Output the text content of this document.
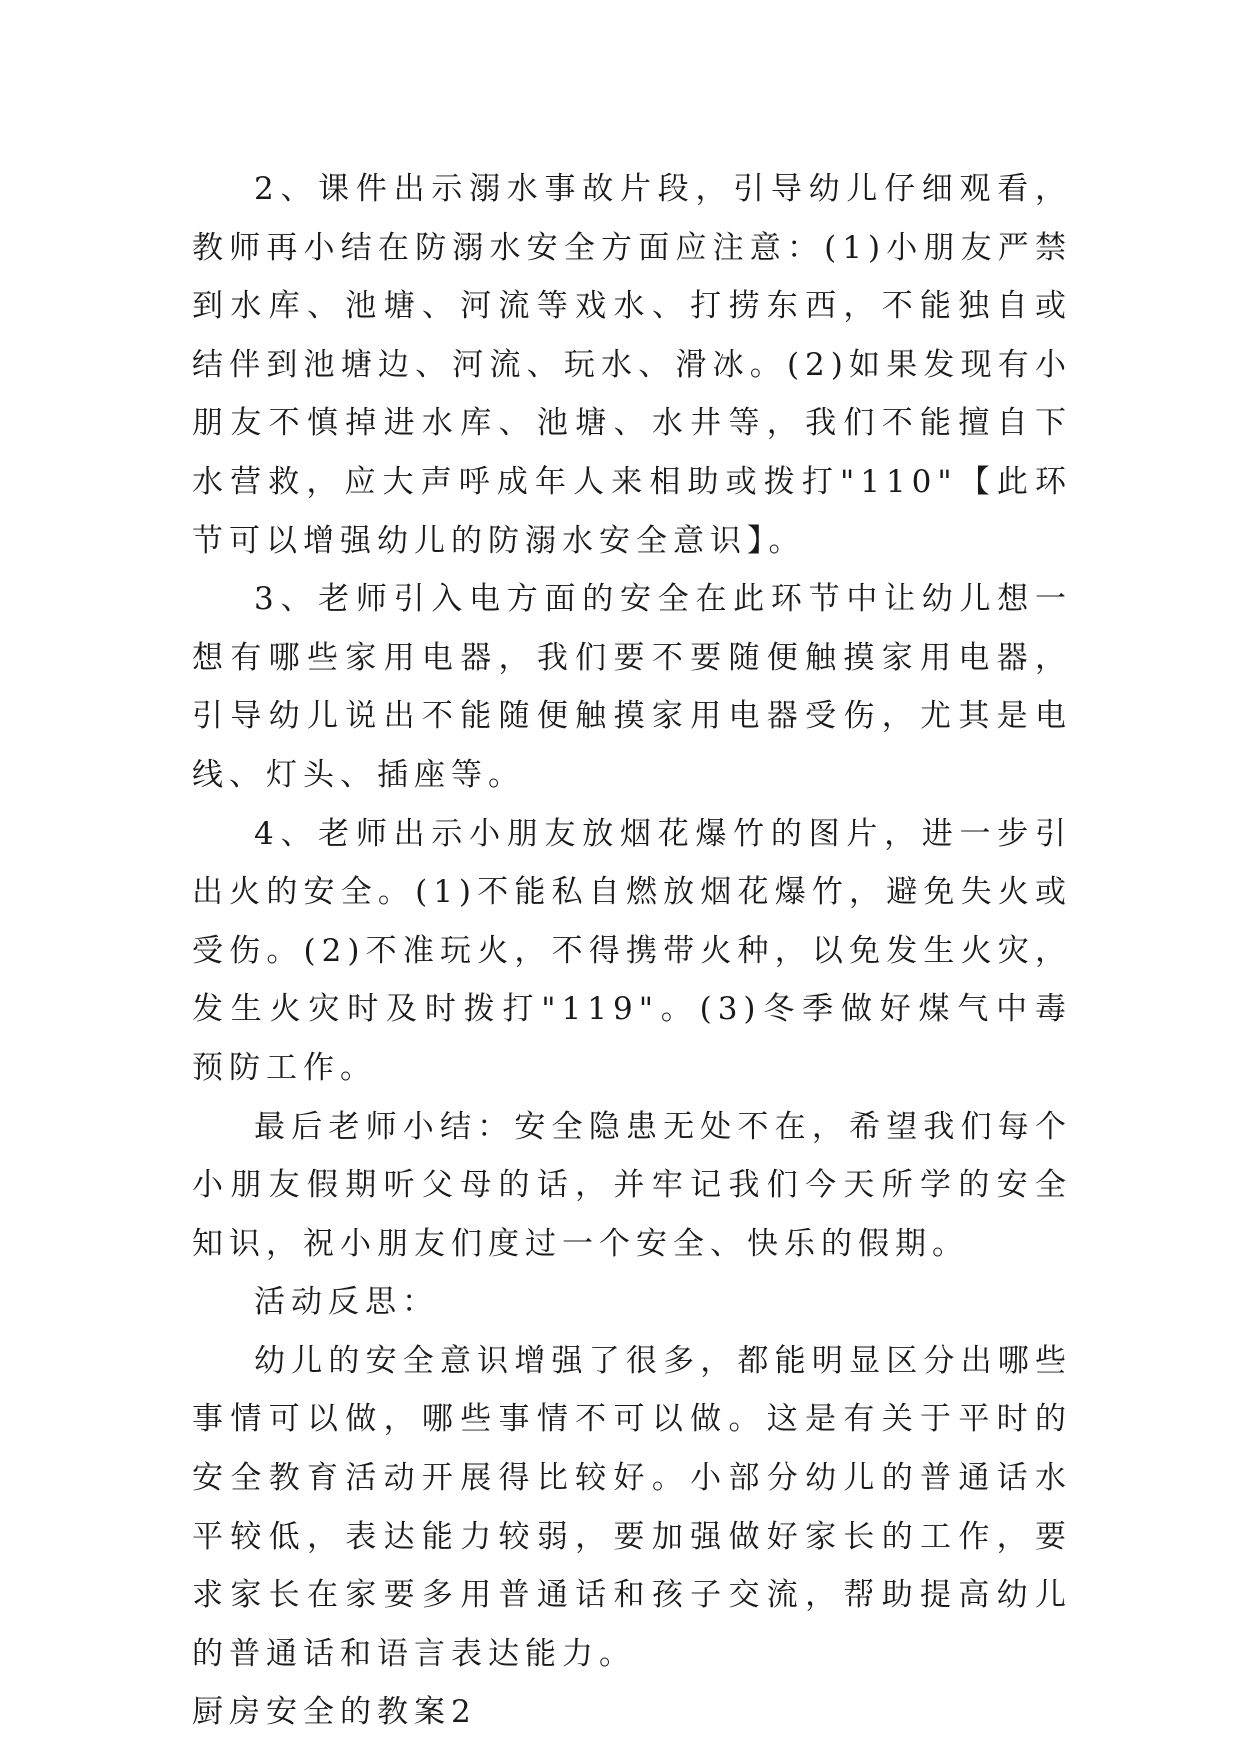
2、课件出示溺水事故片段，引导幼儿仔细观看，教师再小结在防溺水安全方面应注意：(1)小朋友严禁到水库、池塘、河流等戏水、打捞东西，不能独自或结伴到池塘边、河流、玩水、滑冰。(2)如果发现有小朋友不慎掉进水库、池塘、水井等，我们不能擅自下水营救，应大声呼成年人来相助或拨打"110"【此环节可以增强幼儿的防溺水安全意识】。

3、老师引入电方面的安全在此环节中让幼儿想一想有哪些家用电器，我们要不要随便触摸家用电器，引导幼儿说出不能随便触摸家用电器受伤，尤其是电线、灯头、插座等。

4、老师出示小朋友放烟花爆竹的图片，进一步引出火的安全。(1)不能私自燃放烟花爆竹，避免失火或受伤。(2)不准玩火，不得携带火种，以免发生火灾，发生火灾时及时拨打"119"。(3)冬季做好煤气中毒预防工作。

最后老师小结：安全隐患无处不在，希望我们每个小朋友假期听父母的话，并牢记我们今天所学的安全知识，祝小朋友们度过一个安全、快乐的假期。

活动反思：

幼儿的安全意识增强了很多，都能明显区分出哪些事情可以做，哪些事情不可以做。这是有关于平时的安全教育活动开展得比较好。小部分幼儿的普通话水平较低，表达能力较弱，要加强做好家长的工作，要求家长在家要多用普通话和孩子交流，帮助提高幼儿的普通话和语言表达能力。

厨房安全的教案2
